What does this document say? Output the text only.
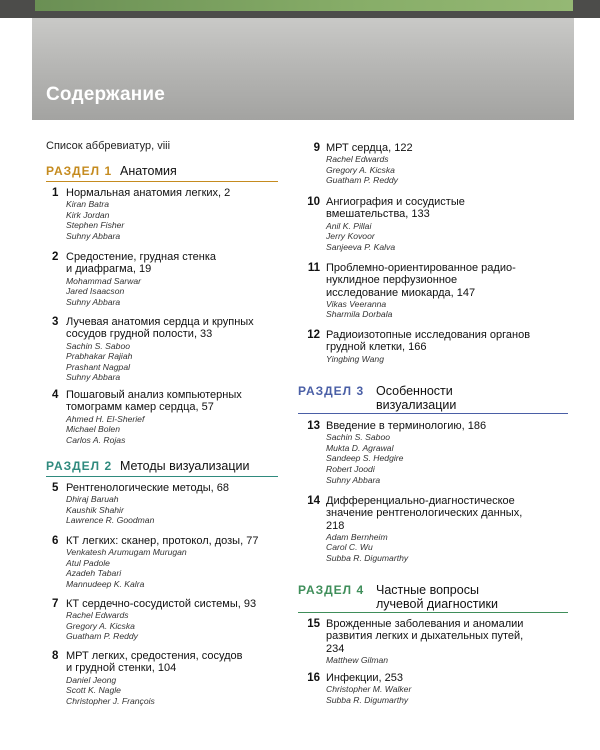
Содержание
Список аббревиатур, viii
РАЗДЕЛ 1 Анатомия
1 Нормальная анатомия легких, 2
Kiran Batra
Kirk Jordan
Stephen Fisher
Suhny Abbara
2 Средостение, грудная стенка
и диафрагма, 19
Mohammad Sarwar
Jared Isaacson
Suhny Abbara
3 Лучевая анатомия сердца и крупных
сосудов грудной полости, 33
Sachin S. Saboo
Prabhakar Rajiah
Prashant Nagpal
Suhny Abbara
4 Пошаговый анализ компьютерных
томограмм камер сердца, 57
Ahmed H. El-Sherief
Michael Bolen
Carlos A. Rojas
РАЗДЕЛ 2 Методы визуализации
5 Рентгенологические методы, 68
Dhiraj Baruah
Kaushik Shahir
Lawrence R. Goodman
6 КТ легких: сканер, протокол, дозы, 77
Venkatesh Arumugam Murugan
Atul Padole
Azadeh Tabari
Mannudeep K. Kalra
7 КТ сердечно-сосудистой системы, 93
Rachel Edwards
Gregory A. Kicska
Guatham P. Reddy
8 МРТ легких, средостения, сосудов
и грудной стенки, 104
Daniel Jeong
Scott K. Nagle
Christopher J. François
9 МРТ сердца, 122
Rachel Edwards
Gregory A. Kicska
Guatham P. Reddy
10 Ангиография и сосудистые
вмешательства, 133
Anil K. Pillai
Jerry Kovoor
Sanjeeva P. Kalva
11 Проблемно-ориентированное радио-
нуклидное перфузионное
исследование миокарда, 147
Vikas Veeranna
Sharmila Dorbala
12 Радиоизотопные исследования органов
грудной клетки, 166
Yingbing Wang
РАЗДЕЛ 3 Особенности
визуализации
13 Введение в терминологию, 186
Sachin S. Saboo
Mukta D. Agrawal
Sandeep S. Hedgire
Robert Joodi
Suhny Abbara
14 Дифференциально-диагностическое
значение рентгенологических данных,
218
Adam Bernheim
Carol C. Wu
Subba R. Digumarthy
РАЗДЕЛ 4 Частные вопросы
лучевой диагностики
15 Врожденные заболевания и аномалии
развития легких и дыхательных путей,
234
Matthew Gilman
16 Инфекции, 253
Christopher M. Walker
Subba R. Digumarthy
